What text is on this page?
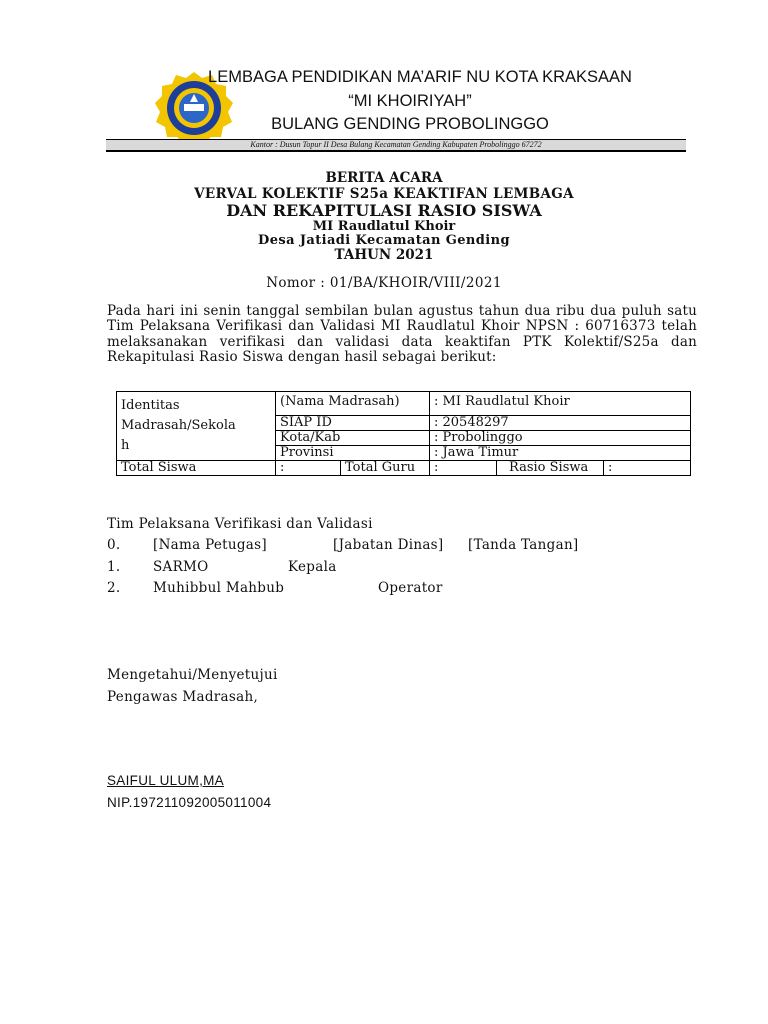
LEMBAGA PENDIDIKAN MA’ARIF NU KOTA KRAKSAAN
“MI KHOIRIYAH”
BULANG GENDING PROBOLINGGO
Kantor : Dusun Topur II Desa Bulang Kecamatan Gending Kabupaten Probolinggo 67272
BERITA ACARA
VERVAL KOLEKTIF S25a KEAKTIFAN LEMBAGA
DAN REKAPITULASI RASIO SISWA
MI Raudlatul Khoir
Desa Jatiadi Kecamatan Gending
TAHUN 2021
Nomor : 01/BA/KHOIR/VIII/2021
Pada hari ini senin tanggal sembilan bulan agustus tahun dua ribu dua puluh satu Tim Pelaksana Verifikasi dan Validasi MI Raudlatul Khoir NPSN : 60716373 telah melaksanakan verifikasi dan validasi data keaktifan PTK Kolektif/S25a dan Rekapitulasi Rasio Siswa dengan hasil sebagai berikut:
Identitas
Madrasah/Sekola
h	(Nama Madrasah)		: MI Raudlatul Khoir		
	SIAP ID		: 20548297		
	Kota/Kab		: Probolinggo		
	Provinsi		: Jawa Timur		
Total Siswa	:	Total Guru	:	Rasio Siswa	:
Tim Pelaksana Verifikasi dan Validasi
0. [Nama Petugas]	[Jabatan Dinas] [Tanda Tangan]
1. SARMO	Kepala
2. Muhibbul Mahbub	Operator
Mengetahui/Menyetujui
Pengawas Madrasah,
SAIFUL ULUM,MA
NIP.197211092005011004
